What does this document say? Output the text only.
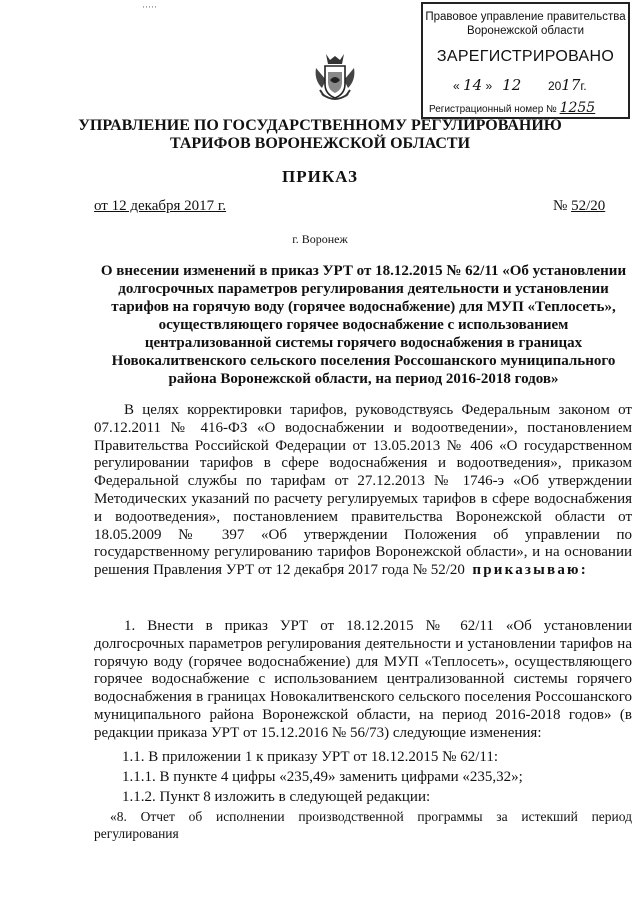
·····
Правовое управление правительства
Воронежской области
ЗАРЕГИСТРИРОВАНО
« 14 » 12 2017г.
Регистрационный номер № 1255
УПРАВЛЕНИЕ ПО ГОСУДАРСТВЕННОМУ РЕГУЛИРОВАНИЮ
ТАРИФОВ ВОРОНЕЖСКОЙ ОБЛАСТИ
ПРИКАЗ
от 12 декабря 2017 г.	№ 52/20
г. Воронеж
О внесении изменений в приказ УРТ от 18.12.2015 № 62/11 «Об установлении долгосрочных параметров регулирования деятельности и установлении тарифов на горячую воду (горячее водоснабжение) для МУП «Теплосеть», осуществляющего горячее водоснабжение с использованием централизованной системы горячего водоснабжения в границах Новокалитвенского сельского поселения Россошанского муниципального района Воронежской области, на период 2016-2018 годов»
В целях корректировки тарифов, руководствуясь Федеральным законом от 07.12.2011 № 416-ФЗ «О водоснабжении и водоотведении», постановлением Правительства Российской Федерации от 13.05.2013 № 406 «О государственном регулировании тарифов в сфере водоснабжения и водоотведения», приказом Федеральной службы по тарифам от 27.12.2013 № 1746-э «Об утверждении Методических указаний по расчету регулируемых тарифов в сфере водоснабжения и водоотведения», постановлением правительства Воронежской области от 18.05.2009 № 397 «Об утверждении Положения об управлении по государственному регулированию тарифов Воронежской области», и на основании решения Правления УРТ от 12 декабря 2017 года № 52/20 приказываю:
1. Внести в приказ УРТ от 18.12.2015 № 62/11 «Об установлении долгосрочных параметров регулирования деятельности и установлении тарифов на горячую воду (горячее водоснабжение) для МУП «Теплосеть», осуществляющего горячее водоснабжение с использованием централизованной системы горячего водоснабжения в границах Новокалитвенского сельского поселения Россошанского муниципального района Воронежской области, на период 2016-2018 годов» (в редакции приказа УРТ от 15.12.2016 № 56/73) следующие изменения:
1.1. В приложении 1 к приказу УРТ от 18.12.2015 № 62/11:
1.1.1. В пункте 4 цифры «235,49» заменить цифрами «235,32»;
1.1.2. Пункт 8 изложить в следующей редакции:
«8. Отчет об исполнении производственной программы за истекший период регулирования
